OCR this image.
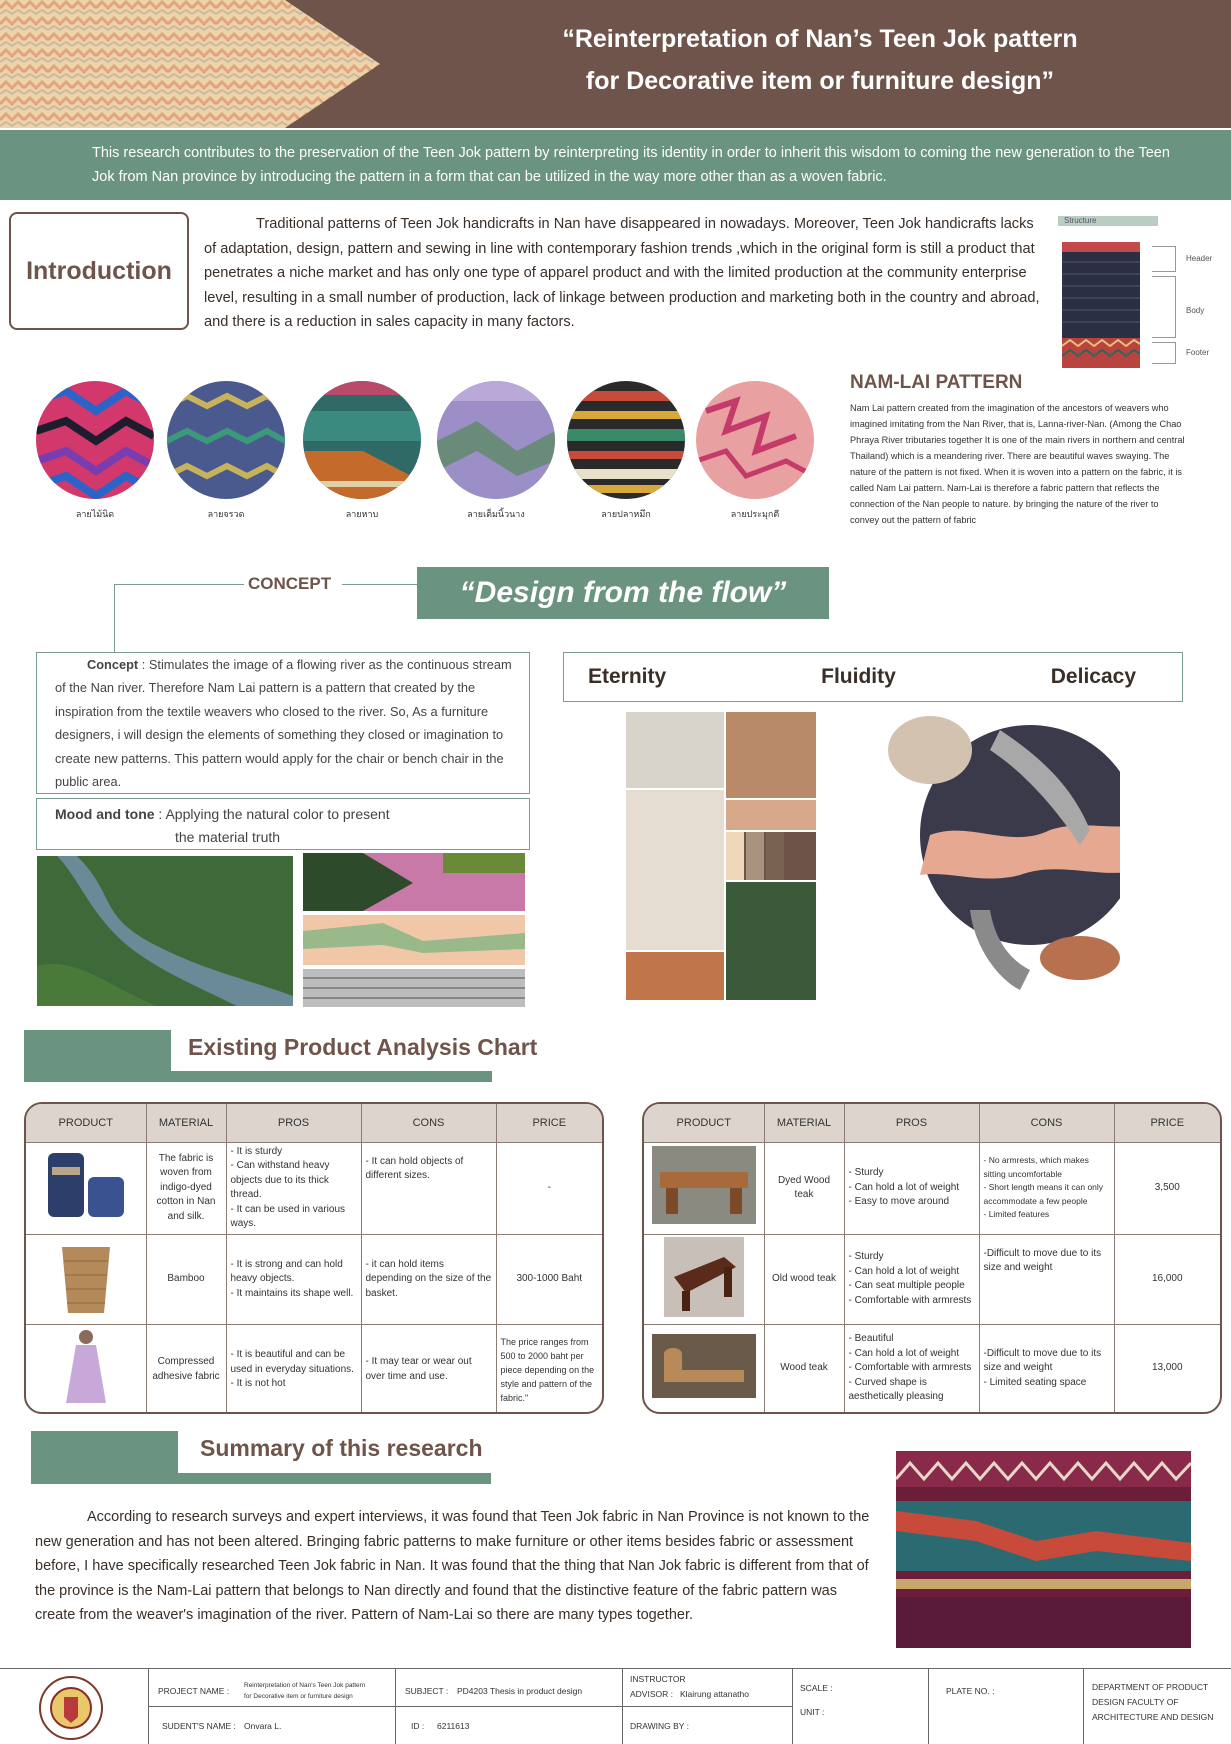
“Reinterpretation of Nan’s Teen Jok pattern
for Decorative item or furniture design”
This research contributes to the preservation of the Teen Jok pattern by reinterpreting its identity in order to inherit this wisdom to coming the new generation to the Teen Jok from Nan province by introducing the pattern in a form that can be utilized in the way more other than as a woven fabric.
Introduction
Traditional patterns of Teen Jok handicrafts in Nan have disappeared in nowadays. Moreover, Teen Jok handicrafts lacks of adaptation, design, pattern and sewing in line with contemporary fashion trends ,which in the original form is still a product that penetrates a niche market and has only one type of apparel product and with the limited production at the community enterprise level, resulting in a small number of production, lack of linkage between production and marketing both in the country and abroad, and there is a reduction in sales capacity in many factors.
Structure
Header
Body
Footer
ลายไม้นิด	ลายจรวด	ลายหาบ	ลายเต็มนิ้วนาง	ลายปลาหมึก	ลายประมุกตี
NAM-LAI PATTERN
Nam Lai pattern created from the imagination of the ancestors of weavers who imagined imitating from the Nan River, that is, Lanna-river-Nan. (Among the Chao Phraya River tributaries together It is one of the main rivers in northern and central Thailand) which is a meandering river. There are beautiful waves swaying. The nature of the pattern is not fixed. When it is woven into a pattern on the fabric, it is called Nam Lai pattern. Nam-Lai is therefore a fabric pattern that reflects the connection of the Nan people to nature. by bringing the nature of the river to convey out the pattern of fabric
CONCEPT	“Design from the flow”
Concept : Stimulates the image of a flowing river as the continuous stream of the Nan river. Therefore Nam Lai pattern is a pattern that created by the inspiration from the textile weavers who closed to the river. So, As a furniture designers, i will design the elements of something they closed or imagination to create new patterns. This pattern would apply for the chair or bench chair in the public area.
Mood and tone : Applying the natural color to present
the material truth
Eternity	Fluidity	Delicacy
Existing Product Analysis Chart
PRODUCT	MATERIAL	PROS	CONS	PRICE
	The fabric is woven from indigo-dyed cotton in Nan and silk.	- It is sturdy
- Can withstand heavy objects due to its thick thread.
- It can be used in various ways.	- It can hold objects of different sizes.	-
	Bamboo	- It is strong and can hold heavy objects.
- It maintains its shape well.	- it can hold items depending on the size of the basket.	300-1000 Baht
	Compressed adhesive fabric	- It is beautiful and can be used in everyday situations.
- It is not hot	- It may tear or wear out over time and use.	The price ranges from 500 to 2000 baht per piece depending on the style and pattern of the fabric."
PRODUCT	MATERIAL	PROS	CONS	PRICE
	Dyed Wood teak	- Sturdy
- Can hold a lot of weight
- Easy to move around	- No armrests, which makes sitting uncomfortable
- Short length means it can only accommodate a few people
- Limited features	3,500
	Old wood teak	- Sturdy
- Can hold a lot of weight
- Can seat multiple people
- Comfortable with armrests	-Difficult to move due to its size and weight	16,000
	Wood teak	- Beautiful
- Can hold a lot of weight
- Comfortable with armrests
- Curved shape is aesthetically pleasing	-Difficult to move due to its size and weight
- Limited seating space	13,000
Summary of this research
According to research surveys and expert interviews, it was found that Teen Jok fabric in Nan Province is not known to the new generation and has not been altered. Bringing fabric patterns to make furniture or other items besides fabric or assessment before, I have specifically researched Teen Jok fabric in Nan. It was found that the thing that Nan Jok fabric is different from that of the province is the Nam-Lai pattern that belongs to Nan directly and found that the distinctive feature of the fabric pattern was create from the weaver's imagination of the river. Pattern of Nam-Lai so there are many types together.
PROJECT NAME :
Reinterpretation of Nan's Teen Jok pattern
for Decorative item or furniture design
SUDENT'S NAME : Onvara L.
SUBJECT : PD4203 Thesis in product design
ID : 6211613
INSTRUCTOR
ADVISOR : Klairung attanatho
DRAWING BY :
SCALE :
UNIT :
PLATE NO. :	DEPARTMENT OF PRODUCT
DESIGN FACULTY OF
ARCHITECTURE AND DESIGN
